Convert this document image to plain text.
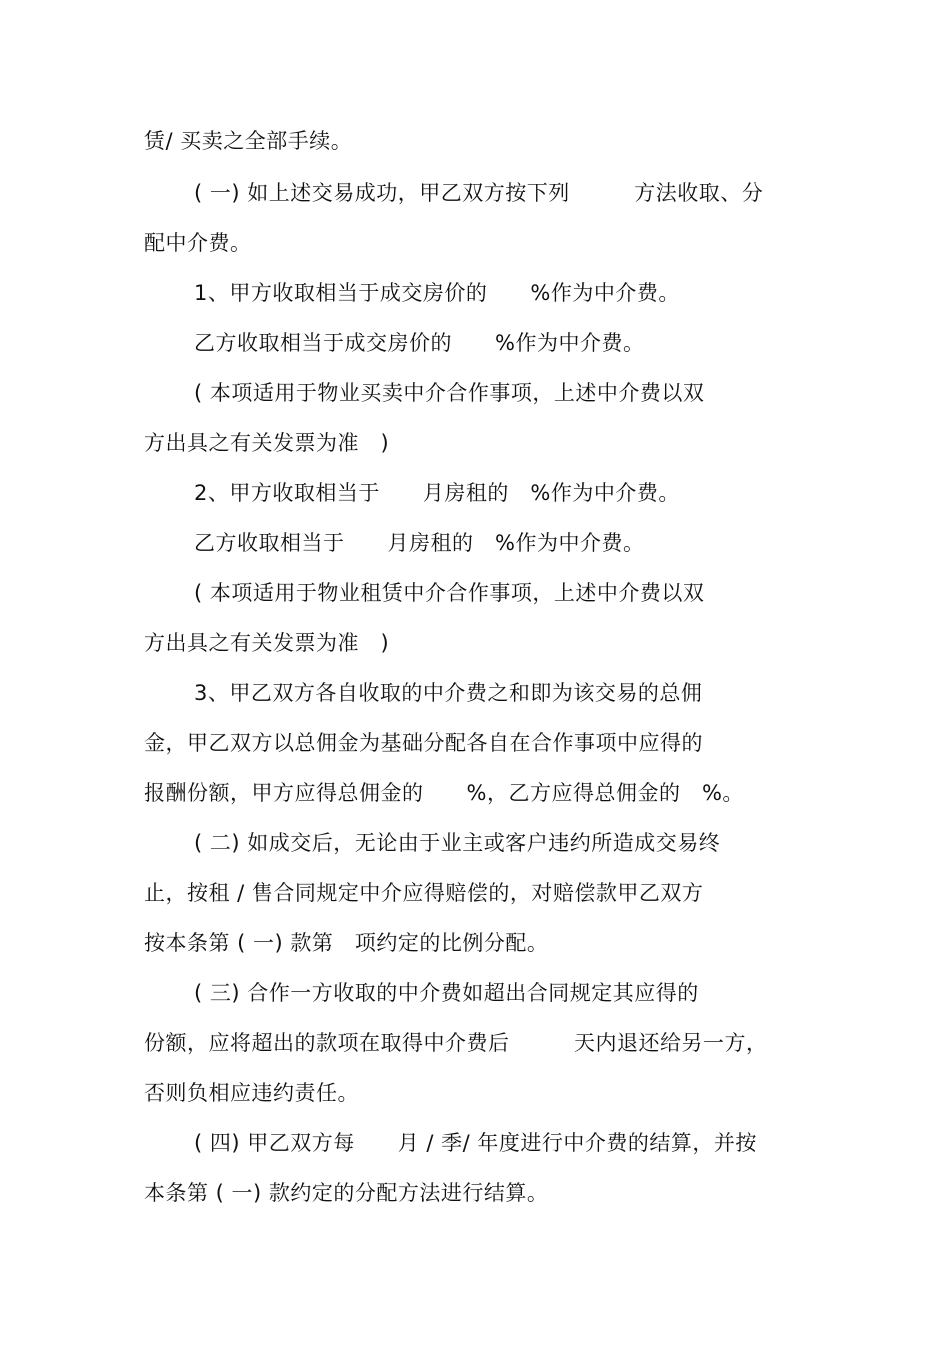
赁/ 买卖之全部手续。
( 一) 如上述交易成功，甲乙双方按下列　　　方法收取、分
配中介费。
1、甲方收取相当于成交房价的　　%作为中介费。
乙方收取相当于成交房价的　　%作为中介费。
( 本项适用于物业买卖中介合作事项，上述中介费以双
方出具之有关发票为准　)
2、甲方收取相当于　　月房租的　%作为中介费。
乙方收取相当于　　月房租的　%作为中介费。
( 本项适用于物业租赁中介合作事项，上述中介费以双
方出具之有关发票为准　)
3、甲乙双方各自收取的中介费之和即为该交易的总佣
金，甲乙双方以总佣金为基础分配各自在合作事项中应得的
报酬份额，甲方应得总佣金的　　%，乙方应得总佣金的　%。
( 二) 如成交后，无论由于业主或客户违约所造成交易终
止，按租 / 售合同规定中介应得赔偿的，对赔偿款甲乙双方
按本条第 ( 一) 款第　项约定的比例分配。
( 三) 合作一方收取的中介费如超出合同规定其应得的
份额，应将超出的款项在取得中介费后　　　天内退还给另一方，
否则负相应违约责任。
( 四) 甲乙双方每　　月 / 季/ 年度进行中介费的结算，并按
本条第 ( 一) 款约定的分配方法进行结算。
